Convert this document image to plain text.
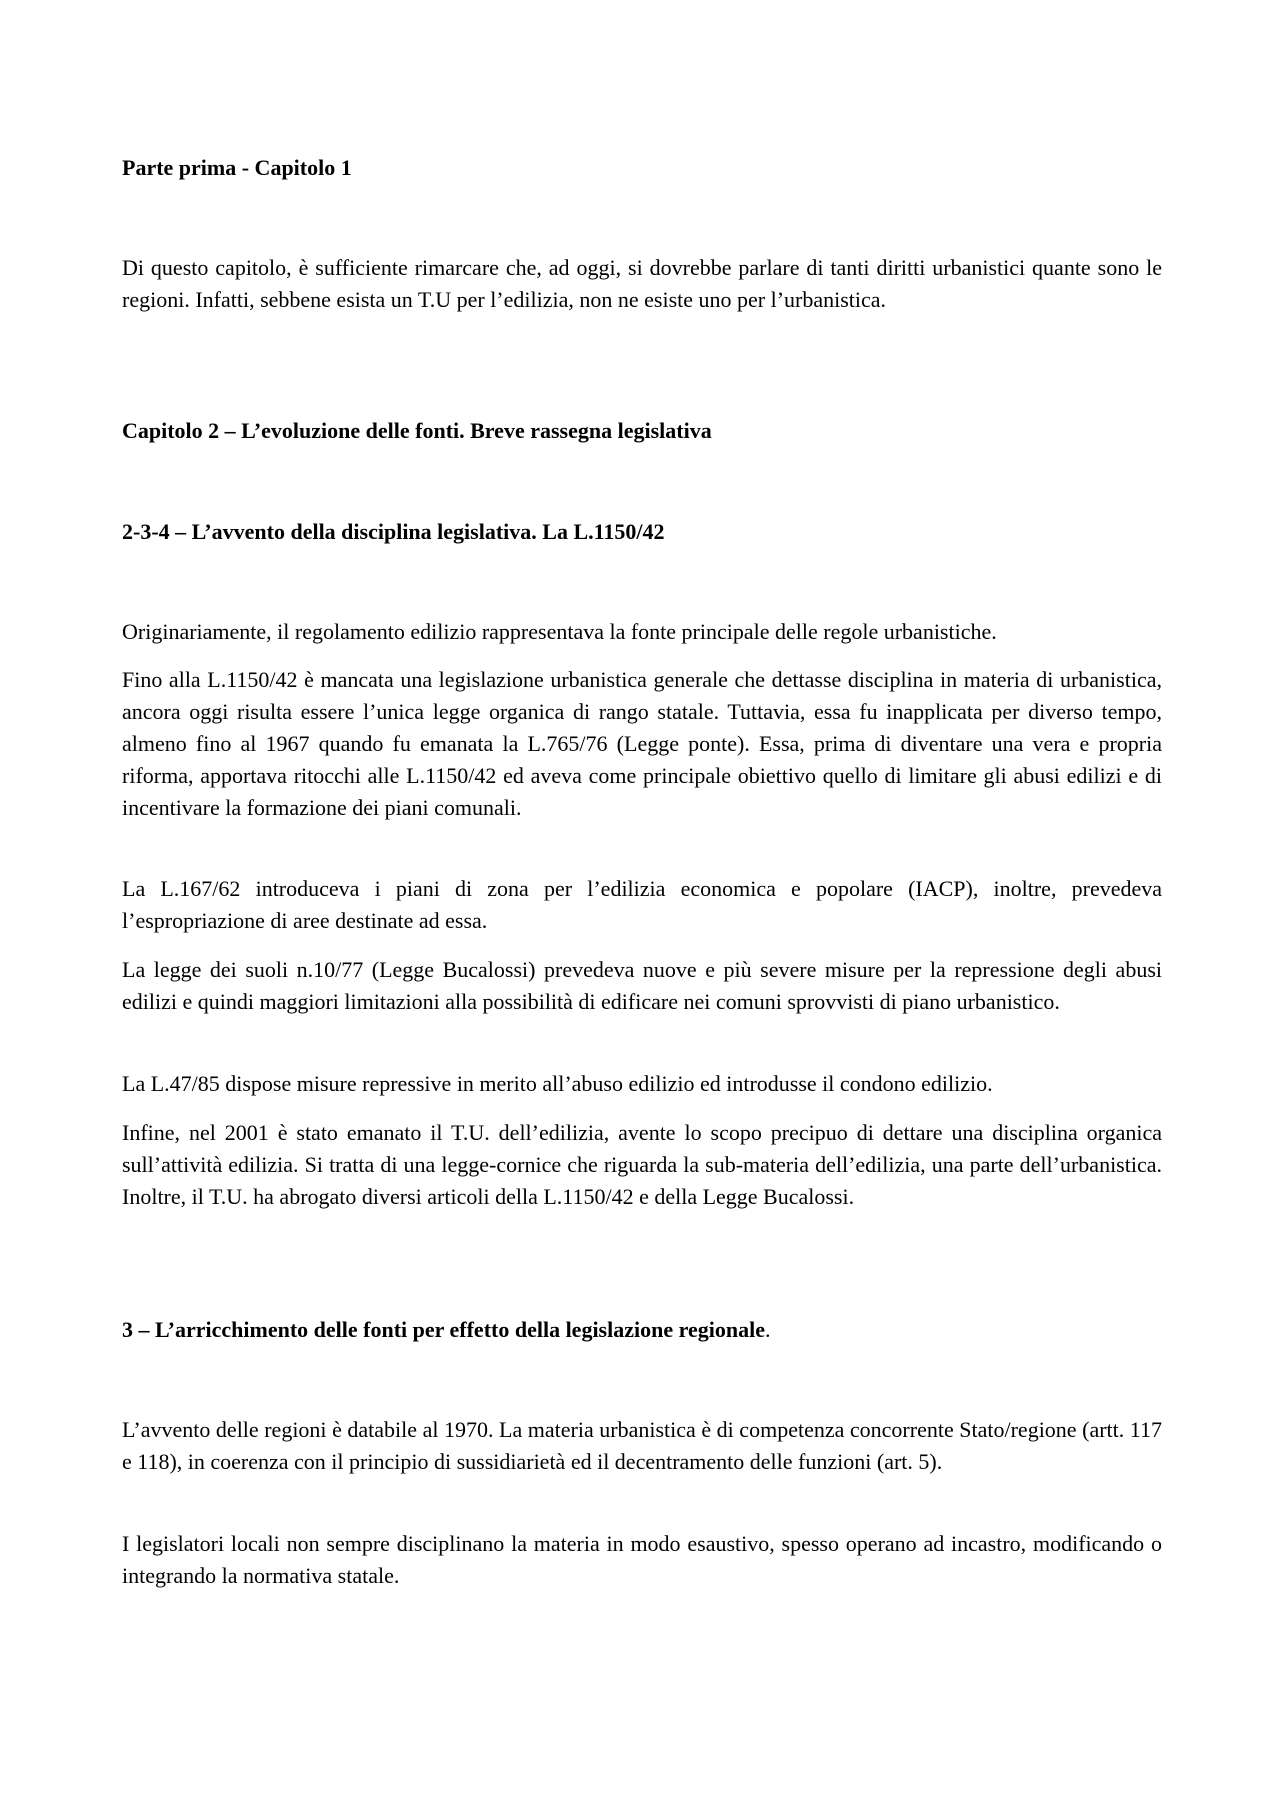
Parte prima - Capitolo 1
Di questo capitolo, è sufficiente rimarcare che, ad oggi, si dovrebbe parlare di tanti diritti urbanistici quante sono le regioni. Infatti, sebbene esista un T.U per l’edilizia, non ne esiste uno per l’urbanistica.
Capitolo 2 – L’evoluzione delle fonti. Breve rassegna legislativa
2-3-4 – L’avvento della disciplina legislativa. La L.1150/42
Originariamente, il regolamento edilizio rappresentava la fonte principale delle regole urbanistiche.
Fino alla L.1150/42 è mancata una legislazione urbanistica generale che dettasse disciplina in materia di urbanistica, ancora oggi risulta essere l’unica legge organica di rango statale. Tuttavia, essa fu inapplicata per diverso tempo, almeno fino al 1967 quando fu emanata la L.765/76 (Legge ponte). Essa, prima di diventare una vera e propria riforma, apportava ritocchi alle L.1150/42 ed aveva come principale obiettivo quello di limitare gli abusi edilizi e di incentivare la formazione dei piani comunali.
La L.167/62 introduceva i piani di zona per l’edilizia economica e popolare (IACP), inoltre, prevedeva l’espropriazione di aree destinate ad essa.
La legge dei suoli n.10/77 (Legge Bucalossi) prevedeva nuove e più severe misure per la repressione degli abusi edilizi e quindi maggiori limitazioni alla possibilità di edificare nei comuni sprovvisti di piano urbanistico.
La L.47/85 dispose misure repressive in merito all’abuso edilizio ed introdusse il condono edilizio.
Infine, nel 2001 è stato emanato il T.U. dell’edilizia, avente lo scopo precipuo di dettare una disciplina organica sull’attività edilizia. Si tratta di una legge-cornice che riguarda la sub-materia dell’edilizia, una parte dell’urbanistica. Inoltre, il T.U. ha abrogato diversi articoli della L.1150/42 e della Legge Bucalossi.
3 – L’arricchimento delle fonti per effetto della legislazione regionale.
L’avvento delle regioni è databile al 1970. La materia urbanistica è di competenza concorrente Stato/regione (artt. 117 e 118), in coerenza con il principio di sussidiarietà ed il decentramento delle funzioni (art. 5).
I legislatori locali non sempre disciplinano la materia in modo esaustivo, spesso operano ad incastro, modificando o integrando la normativa statale.
